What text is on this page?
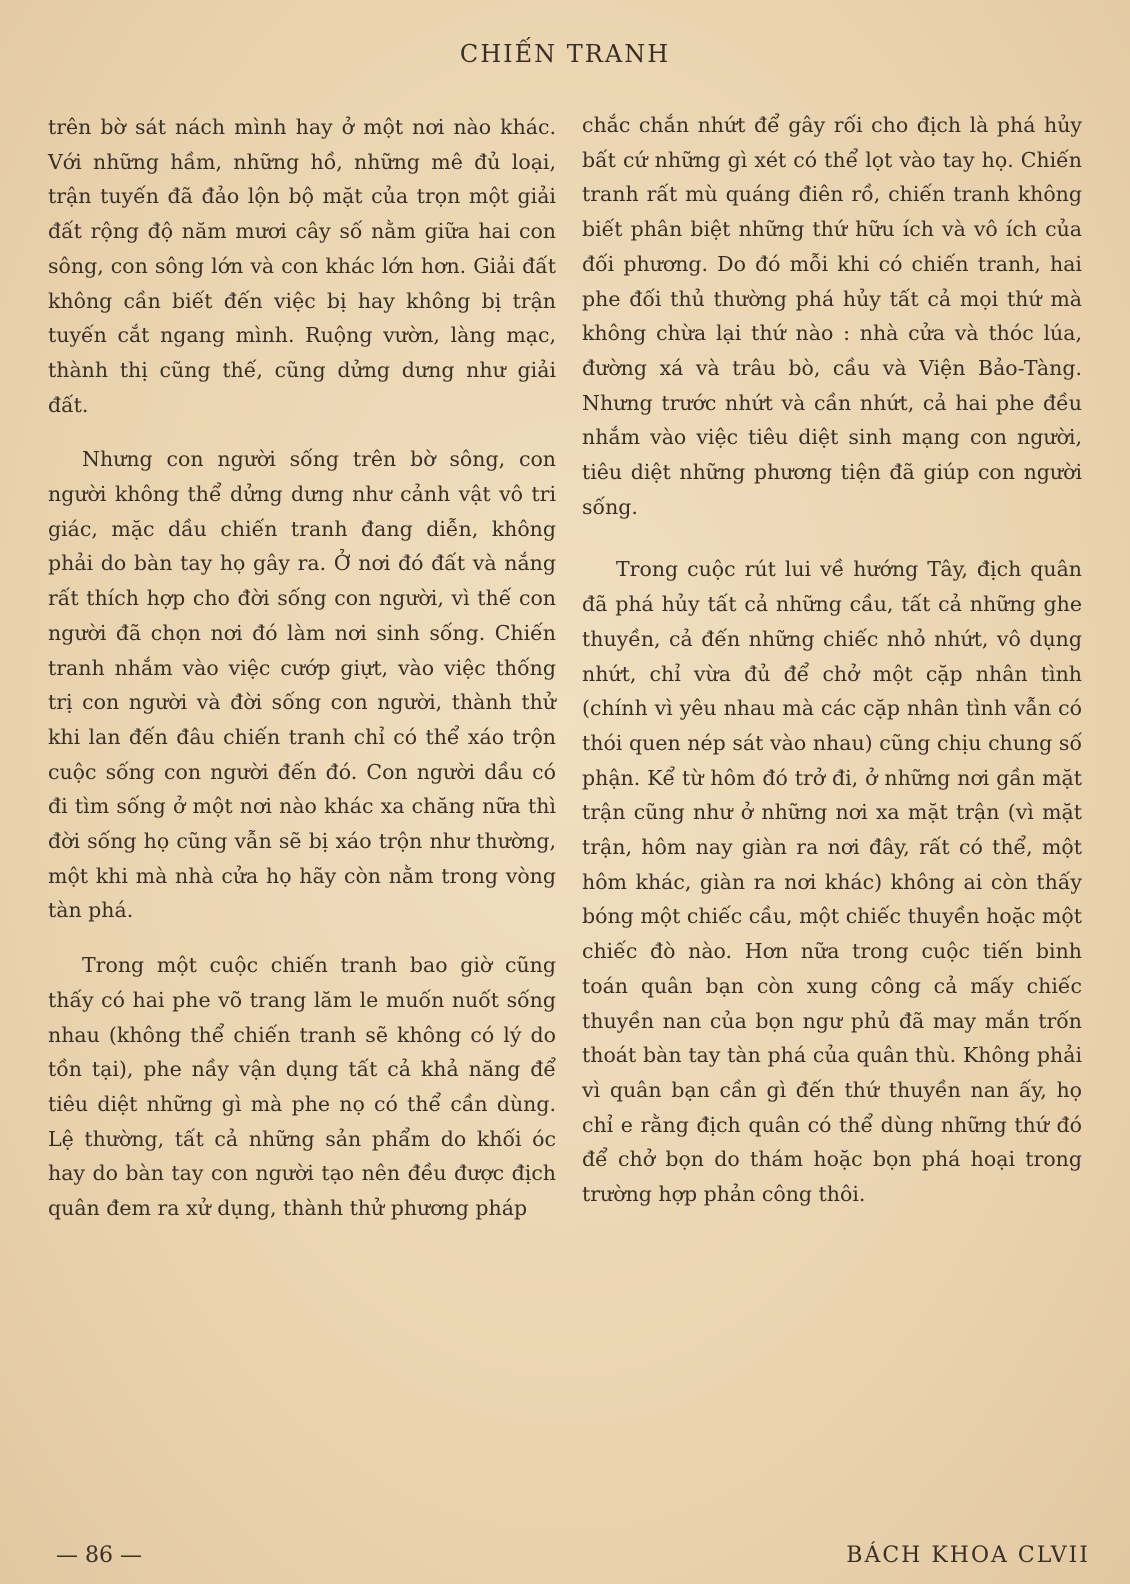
CHIẾN TRANH

trên bờ sát nách mình hay ở một nơi nào khác. Với những hầm, những hồ, những mê đủ loại, trận tuyến đã đảo lộn bộ mặt của trọn một giải đất rộng độ năm mươi cây số nằm giữa hai con sông, con sông lớn và con khác lớn hơn. Giải đất không cần biết đến việc bị hay không bị trận tuyến cắt ngang mình. Ruộng vườn, làng mạc, thành thị cũng thế, cũng dửng dưng như giải đất.

Nhưng con người sống trên bờ sông, con người không thể dửng dưng như cảnh vật vô tri giác, mặc dầu chiến tranh đang diễn, không phải do bàn tay họ gây ra. Ở nơi đó đất và nắng rất thích hợp cho đời sống con người, vì thế con người đã chọn nơi đó làm nơi sinh sống. Chiến tranh nhắm vào việc cướp giựt, vào việc thống trị con người và đời sống con người, thành thử khi lan đến đâu chiến tranh chỉ có thể xáo trộn cuộc sống con người đến đó. Con người dầu có đi tìm sống ở một nơi nào khác xa chăng nữa thì đời sống họ cũng vẫn sẽ bị xáo trộn như thường, một khi mà nhà cửa họ hãy còn nằm trong vòng tàn phá.

Trong một cuộc chiến tranh bao giờ cũng thấy có hai phe võ trang lăm le muốn nuốt sống nhau (không thể chiến tranh sẽ không có lý do tồn tại), phe nầy vận dụng tất cả khả năng để tiêu diệt những gì mà phe nọ có thể cần dùng. Lệ thường, tất cả những sản phẩm do khối óc hay do bàn tay con người tạo nên đều được địch quân đem ra xử dụng, thành thử phương pháp

chắc chắn nhứt để gây rối cho địch là phá hủy bất cứ những gì xét có thể lọt vào tay họ. Chiến tranh rất mù quáng điên rồ, chiến tranh không biết phân biệt những thứ hữu ích và vô ích của đối phương. Do đó mỗi khi có chiến tranh, hai phe đối thủ thường phá hủy tất cả mọi thứ mà không chừa lại thứ nào : nhà cửa và thóc lúa, đường xá và trâu bò, cầu và Viện Bảo-Tàng. Nhưng trước nhứt và cần nhứt, cả hai phe đều nhắm vào việc tiêu diệt sinh mạng con người, tiêu diệt những phương tiện đã giúp con người sống.

Trong cuộc rút lui về hướng Tây, địch quân đã phá hủy tất cả những cầu, tất cả những ghe thuyền, cả đến những chiếc nhỏ nhứt, vô dụng nhứt, chỉ vừa đủ để chở một cặp nhân tình (chính vì yêu nhau mà các cặp nhân tình vẫn có thói quen nép sát vào nhau) cũng chịu chung số phận. Kể từ hôm đó trở đi, ở những nơi gần mặt trận cũng như ở những nơi xa mặt trận (vì mặt trận, hôm nay giàn ra nơi đây, rất có thể, một hôm khác, giàn ra nơi khác) không ai còn thấy bóng một chiếc cầu, một chiếc thuyền hoặc một chiếc đò nào. Hơn nữa trong cuộc tiến binh toán quân bạn còn xung công cả mấy chiếc thuyền nan của bọn ngư phủ đã may mắn trốn thoát bàn tay tàn phá của quân thù. Không phải vì quân bạn cần gì đến thứ thuyền nan ấy, họ chỉ e rằng địch quân có thể dùng những thứ đó để chở bọn do thám hoặc bọn phá hoại trong trường hợp phản công thôi.

— 86 —	BÁCH KHOA CLVII
